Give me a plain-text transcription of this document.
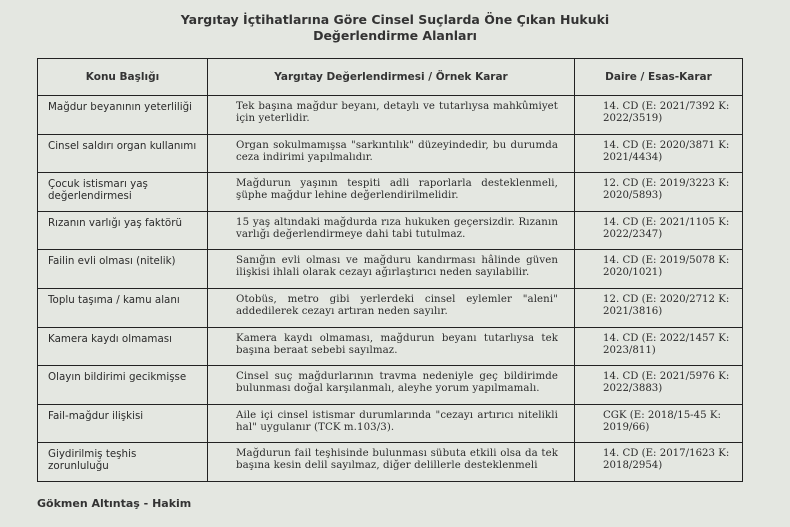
Yargıtay İçtihatlarına Göre Cinsel Suçlarda Öne Çıkan Hukuki
Değerlendirme Alanları
Konu Başlığı	Yargıtay Değerlendirmesi / Örnek Karar	Daire / Esas-Karar
Mağdur beyanının yeterliliği	Tek başına mağdur beyanı, detaylı ve tutarlıysa mahkûmiyet için yeterlidir.	14. CD (E: 2021/7392 K: 2022/3519)
Cinsel saldırı organ kullanımı	Organ sokulmamışsa "sarkıntılık" düzeyindedir, bu durumda ceza indirimi yapılmalıdır.	14. CD (E: 2020/3871 K: 2021/4434)
Çocuk istismarı yaş değerlendirmesi	Mağdurun yaşının tespiti adli raporlarla desteklenmeli, şüphe mağdur lehine değerlendirilmelidir.	12. CD (E: 2019/3223 K: 2020/5893)
Rızanın varlığı yaş faktörü	15 yaş altındaki mağdurda rıza hukuken geçersizdir. Rızanın varlığı değerlendirmeye dahi tabi tutulmaz.	14. CD (E: 2021/1105 K: 2022/2347)
Failin evli olması (nitelik)	Sanığın evli olması ve mağduru kandırması hâlinde güven ilişkisi ihlali olarak cezayı ağırlaştırıcı neden sayılabilir.	14. CD (E: 2019/5078 K: 2020/1021)
Toplu taşıma / kamu alanı	Otobüs, metro gibi yerlerdeki cinsel eylemler "aleni" addedilerek cezayı artıran neden sayılır.	12. CD (E: 2020/2712 K: 2021/3816)
Kamera kaydı olmaması	Kamera kaydı olmaması, mağdurun beyanı tutarlıysa tek başına beraat sebebi sayılmaz.	14. CD (E: 2022/1457 K: 2023/811)
Olayın bildirimi gecikmişse	Cinsel suç mağdurlarının travma nedeniyle geç bildirimde bulunması doğal karşılanmalı, aleyhe yorum yapılmamalı.	14. CD (E: 2021/5976 K: 2022/3883)
Fail-mağdur ilişkisi	Aile içi cinsel istismar durumlarında "cezayı artırıcı nitelikli hal" uygulanır (TCK m.103/3).	CGK (E: 2018/15-45 K: 2019/66)
Giydirilmiş teşhis zorunluluğu	Mağdurun fail teşhisinde bulunması sübuta etkili olsa da tek başına kesin delil sayılmaz, diğer delillerle desteklenmeli	14. CD (E: 2017/1623 K: 2018/2954)
Gökmen Altıntaş - Hakim
